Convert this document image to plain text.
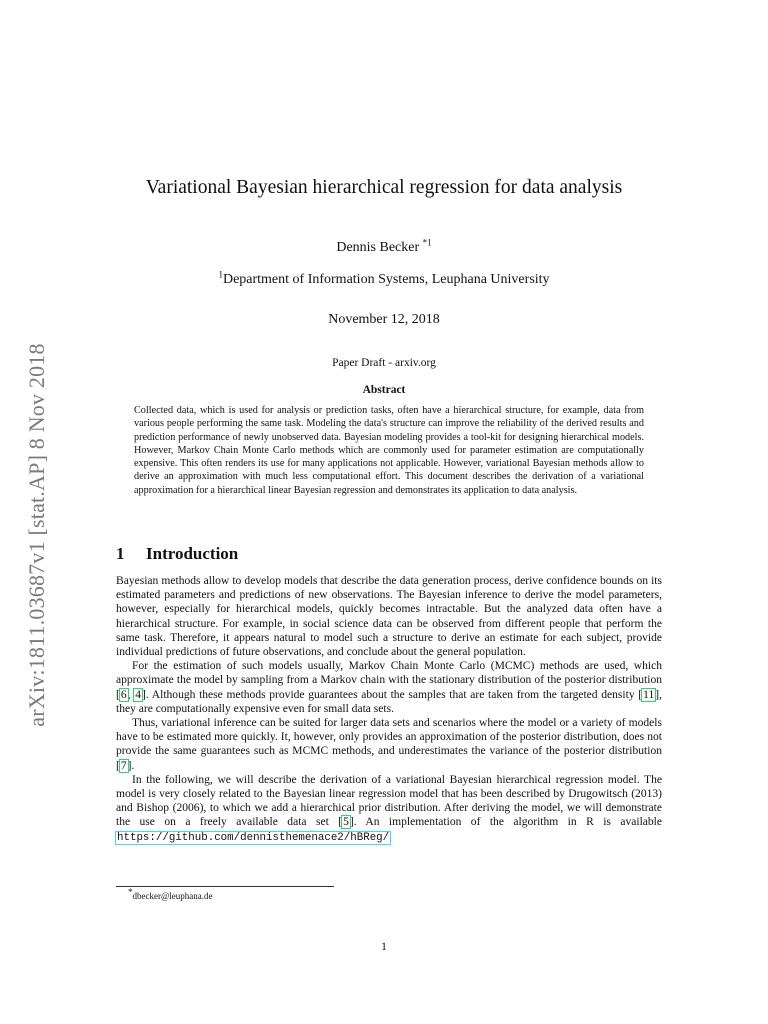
arXiv:1811.03687v1 [stat.AP] 8 Nov 2018
Variational Bayesian hierarchical regression for data analysis
Dennis Becker $^{*1}$
$^1$Department of Information Systems, Leuphana University
November 12, 2018
Paper Draft - arxiv.org
Abstract
Collected data, which is used for analysis or prediction tasks, often have a hierarchical structure, for example, data from various people performing the same task. Modeling the data's structure can improve the reliability of the derived results and prediction performance of newly unobserved data. Bayesian modeling provides a tool-kit for designing hierarchical models. However, Markov Chain Monte Carlo methods which are commonly used for parameter estimation are computationally expensive. This often renders its use for many applications not applicable. However, variational Bayesian methods allow to derive an approximation with much less computational effort. This document describes the derivation of a variational approximation for a hierarchical linear Bayesian regression and demonstrates its application to data analysis.
1 Introduction

Bayesian methods allow to develop models that describe the data generation process, derive confidence bounds on its estimated parameters and predictions of new observations. The Bayesian inference to derive the model parameters, however, especially for hierarchical models, quickly becomes intractable. But the analyzed data often have a hierarchical structure. For example, in social science data can be observed from different people that perform the same task. Therefore, it appears natural to model such a structure to derive an estimate for each subject, provide individual predictions of future observations, and conclude about the general population.

For the estimation of such models usually, Markov Chain Monte Carlo (MCMC) methods are used, which approximate the model by sampling from a Markov chain with the stationary distribution of the posterior distribution [6, 4]. Although these methods provide guarantees about the samples that are taken from the targeted density [11], they are computationally expensive even for small data sets.

Thus, variational inference can be suited for larger data sets and scenarios where the model or a variety of models have to be estimated more quickly. It, however, only provides an approximation of the posterior distribution, does not provide the same guarantees such as MCMC methods, and underestimates the variance of the posterior distribution [7].

In the following, we will describe the derivation of a variational Bayesian hierarchical regression model. The model is very closely related to the Bayesian linear regression model that has been described by Drugowitsch (2013) and Bishop (2006), to which we add a hierarchical prior distribution. After deriving the model, we will demonstrate the use on a freely available data set [5]. An implementation of the algorithm in R is available https://github.com/dennisthemenace2/hBReg/

*dbecker@leuphana.de
1
